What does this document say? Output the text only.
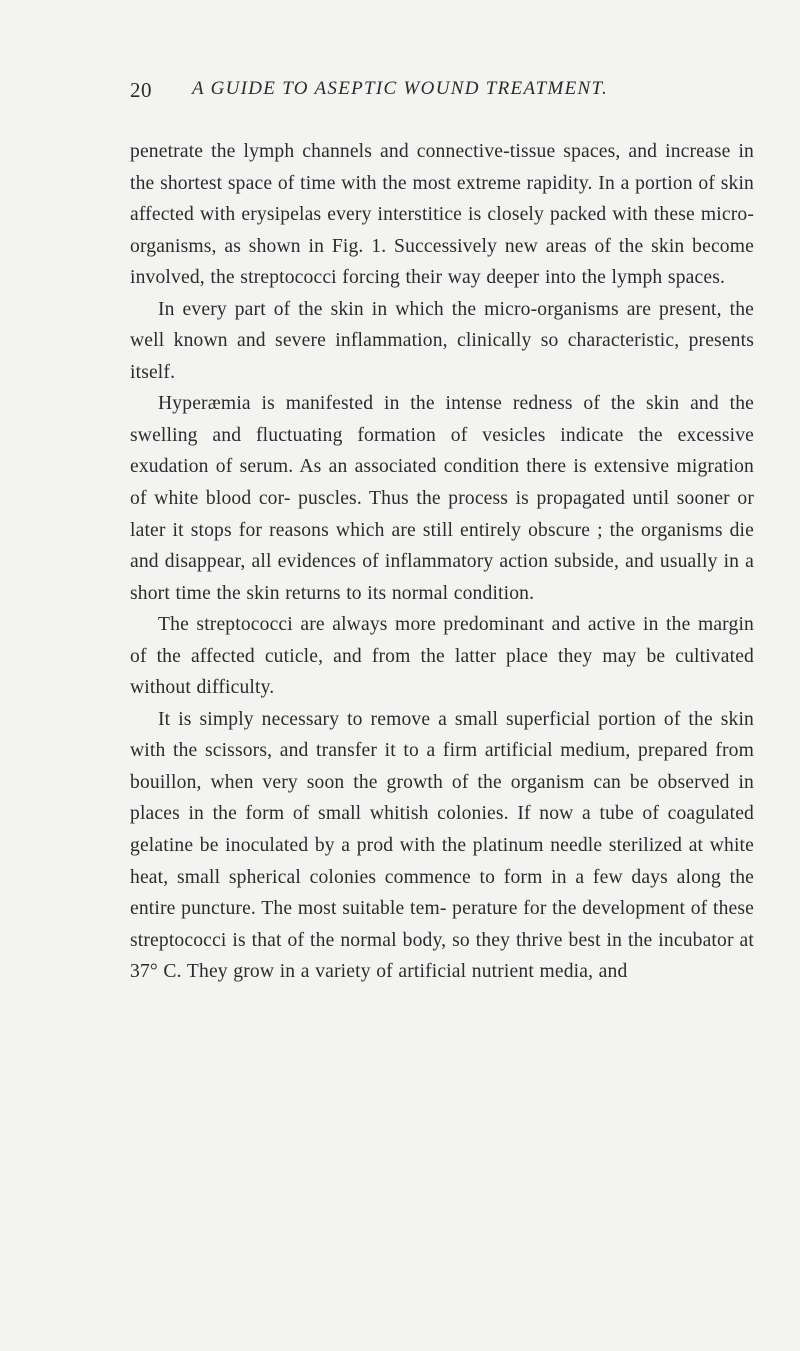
20 A GUIDE TO ASEPTIC WOUND TREATMENT.

penetrate the lymph channels and connective-tissue spaces, and increase in the shortest space of time with the most extreme rapidity. In a portion of skin affected with erysipelas every interstitice is closely packed with these micro-organisms, as shown in Fig. 1. Successively new areas of the skin become involved, the streptococci forcing their way deeper into the lymph spaces.

In every part of the skin in which the micro-organisms are present, the well known and severe inflammation, clinically so characteristic, presents itself.

Hyperæmia is manifested in the intense redness of the skin and the swelling and fluctuating formation of vesicles indicate the excessive exudation of serum. As an associated condition there is extensive migration of white blood cor- puscles. Thus the process is propagated until sooner or later it stops for reasons which are still entirely obscure ; the organisms die and disappear, all evidences of inflammatory action subside, and usually in a short time the skin returns to its normal condition.

The streptococci are always more predominant and active in the margin of the affected cuticle, and from the latter place they may be cultivated without difficulty.

It is simply necessary to remove a small superficial portion of the skin with the scissors, and transfer it to a firm artificial medium, prepared from bouillon, when very soon the growth of the organism can be observed in places in the form of small whitish colonies. If now a tube of coagulated gelatine be inoculated by a prod with the platinum needle sterilized at white heat, small spherical colonies commence to form in a few days along the entire puncture. The most suitable tem- perature for the development of these streptococci is that of the normal body, so they thrive best in the incubator at 37° C. They grow in a variety of artificial nutrient media, and
